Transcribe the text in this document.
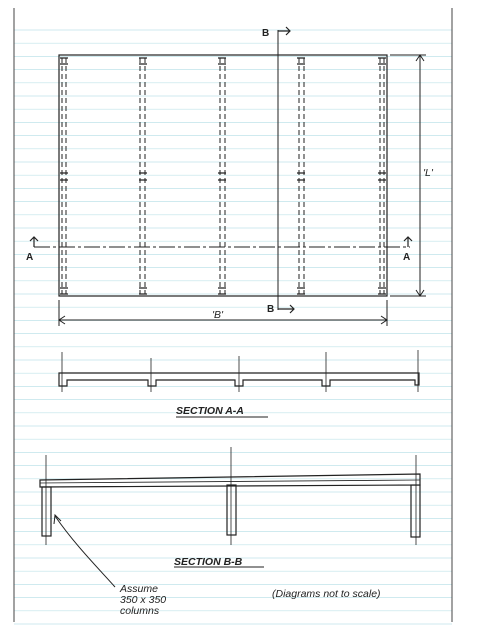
B
B
A	A
'B'
'L'
SECTION A-A
SECTION B-B
Assume
350 x 350
columns
(Diagrams not to scale)
